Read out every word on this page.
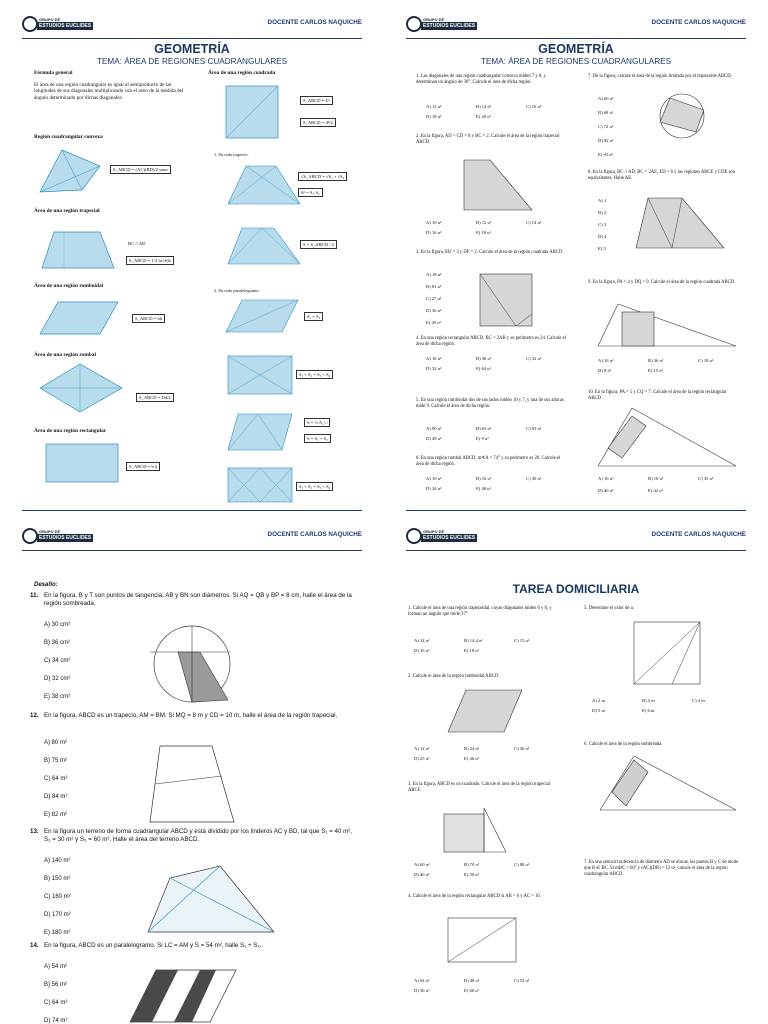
GRUPO DE
ESTUDIOS EUCLIDES	DOCENTE CARLOS NAQUICHE
GEOMETRÍA
TEMA: ÁREA DE REGIONES CUADRANGULARES
Fórmula general
El área de una región cuadrangular es igual al semiproducto de las longitudes de sus diagonales multiplicando con el seno de la medida del ángulo determinado por dichas diagonales.
Región cuadrangular convexa
S_ABCD = (AC)(BD)/2 senα
Área de una región trapecial
BC // AD
S_ABCD = 1/2 (a+b)h
Área de una región romboidal
S_ABCD = bh
Área de una región rombal
S_ABCD = Dd/2
Área de una región rectangular
S_ABCD = b h
Área de una región cuadrada
S_ABCD = L²
S_ABCD = d²/2
1. En todo trapecio:
√S_ABCD = √S₁ + √S₂
S² = S₁·S₂
S = S_ABCD / 2
2. En todo paralelogramo:
S₁ = S₂
S₁ + S₂ = S₃ + S₄
S = ½ A_□
S = S₁ + S₂
S₁ + S₂ = S₃ + S₄
GRUPO DE
ESTUDIOS EUCLIDES	DOCENTE CARLOS NAQUICHE
GEOMETRÍA
TEMA: ÁREA DE REGIONES CUADRANGULARES
1. Las diagonales de una región cuadrangular convexa miden 7 y 8, y determinan un ángulo de 30°. Calcule el área de dicha región.
A) 12 u²	B) 14 u²	C) 16 u²
D) 18 u²	E) 20 u²
2. En la figura, AD = CD = 8 y BC = 2. Calcule el área de la región trapecial ABCD.
A) 10 u²	B) 12 u²	C) 14 u²
D) 16 u²	E) 18 u²
3. En la figura, ED = 3 y DF = 2. Calcule el área de la región cuadrada ABCD.
A) 18 u²
B) 81 u²
C) 27 u²
D) 36 u²
E) 45 u²
4. En una región rectangular ABCD, BC = 2AB y su perímetro es 24. Calcule el área de dicha región.
A) 16 u²	B) 36 u²	C) 32 u²
D) 32 u²	E) 64 u²
5. En una región romboidal dos de sus lados miden 10 y 7, y una de sus alturas mide 9. Calcule el área de dicha región.
A) 90 u²	B) 63 u²	C) 81 u²
D) 49 u²	E) 9 u²
6. En una región rombal ABCD, m∢A = 74° y su perímetro es 20. Calcule el área de dicha región.
A) 10 u²	B) 16 u²	C) 30 u²
D) 24 u²	E) 48 u²
7. De la figura, calcule el área de la región limitada por el trapezoide ABCD.
A) 60 u²
B) 68 u²
C) 72 u²
D) 82 u²
E) 92 u²
8. En la figura, BC // AD, BC = 2AE, ED = 6 y las regiones ABCE y CDE son equivalentes. Halle AE.
A) 1
B) 2
C) 3
D) 4
E) 5
9. En la figura, PA = 4 y DQ = 9. Calcule el área de la región cuadrada ABCD.
A) 16 u²	B) 36 u²	C) 18 u²
D) 8 u²	E) 15 u²
10. En la figura, PA = 5 y CQ = 7. Calcule el área de la región rectangular ABCD.
A) 16 u²	B) 10 u²	C) 35 u²
D) 40 u²	E) 42 u²
GRUPO DE
ESTUDIOS EUCLIDES	DOCENTE CARLOS NAQUICHE
Desafío:
11. En la figura, B y T son puntos de tangencia, AB y BN son diámetros. Si AQ = QB y BP = 8 cm, halle el área de la región sombreada.
A) 30 cm²
B) 36 cm²
C) 34 cm²
D) 32 cm²
E) 38 cm²
12. En la figura, ABCD es un trapecio, AM = BM. Si MQ = 8 m y CD = 10 m, halle el área de la región trapecial.
A) 80 m²
B) 75 m²
C) 64 m²
D) 84 m²
E) 82 m²
13. En la figura un terreno de forma cuadrangular ABCD y está dividido por los linderos AC y BD, tal que S₁ = 40 m², S₂ = 30 m² y S₃ = 60 m². Halle el área del terreno ABCD.
A) 140 m²
B) 150 m²
C) 160 m²
D) 170 m²
E) 180 m²
14. En la figura, ABCD es un paralelogramo. Si LC = AM y S = 54 m², halle S₁ + S₂.
A) 54 m²
B) 56 m²
C) 64 m²
D) 74 m²
GRUPO DE
ESTUDIOS EUCLIDES	DOCENTE CARLOS NAQUICHE
TAREA DOMICILIARIA
1. Calcule el área de una región trapezoidal, cuyas diagonales miden 6 y 8, y forman un ángulo que mide 37°.
A) 14 u²	B) 14,4 u²	C) 15 u²
D) 16 u²	E) 18 u²
2. Calcule el área de la región romboidal ABCD.
A) 12 u²	B) 24 u²	C) 36 u²
D) 25 u²	E) 46 u²
3. En la figura, ABCD es un cuadrado. Calcule el área de la región trapecial ABCF.
A) 60 u²	B) 70 u²	C) 88 u²
D) 40 u²	E) 50 u²
4. Calcule el área de la región rectangular ABCD si AB = 6 y AC = 10.
A) 64 u²	B) 48 u²	C) 52 u²
D) 36 u²	E) 60 u²
5. Determine el valor de a.
A) 2 m	B) 3 m	C) 4 m
D) 5 m	E) 6 m
6. Calcule el área de la región sombreada.
7. En una semicircunferencia de diámetro AD se ubican los puntos B y C de modo que B ∈ BC. Si mBC = 60° y (AC)(DB) = 12 u², calcule el área de la región cuadrangular ABCD.
